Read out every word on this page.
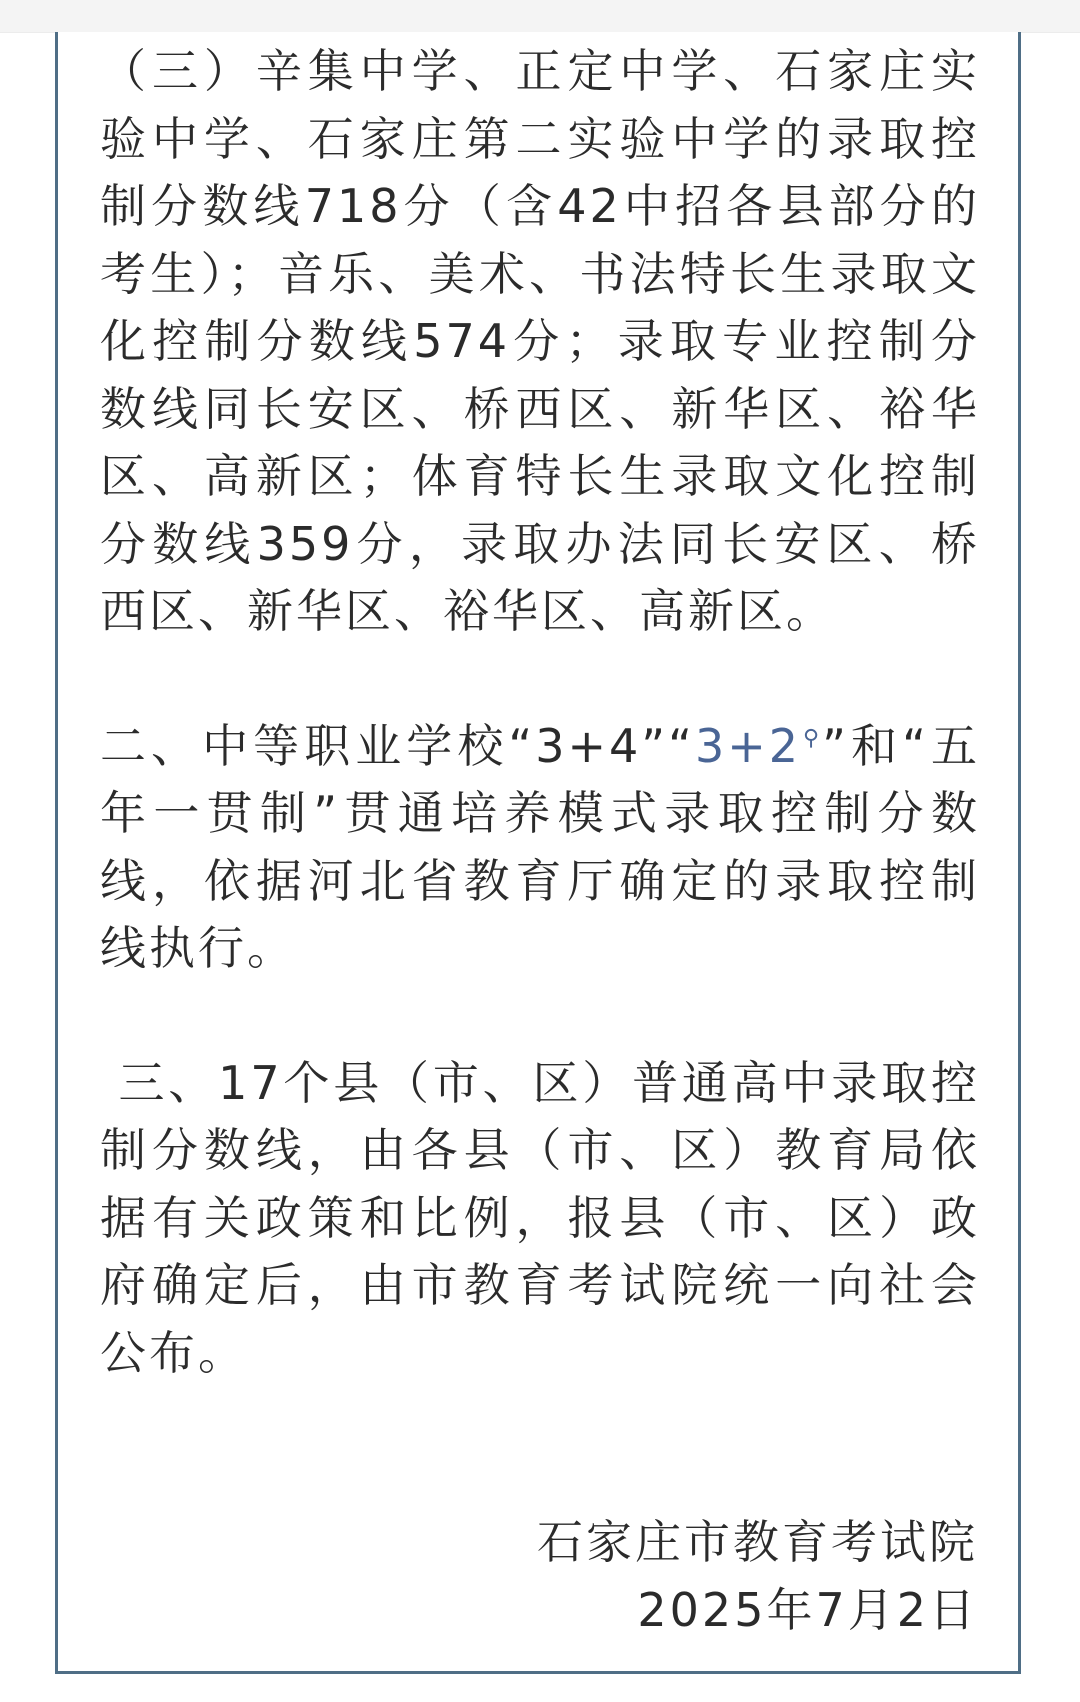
（三）辛集中学、正定中学、石家庄实验中学、石家庄第二实验中学的录取控制分数线718分（含42中招各县部分的考生）；音乐、美术、书法特长生录取文化控制分数线574分；录取专业控制分数线同长安区、桥西区、新华区、裕华区、高新区；体育特长生录取文化控制分数线359分，录取办法同长安区、桥西区、新华区、裕华区、高新区。

二、中等职业学校“3+4”“3+2⚲”和“五年一贯制”贯通培养模式录取控制分数线，依据河北省教育厅确定的录取控制线执行。

三、17个县（市、区）普通高中录取控制分数线，由各县（市、区）教育局依据有关政策和比例，报县（市、区）政府确定后，由市教育考试院统一向社会公布。

石家庄市教育考试院
2025年7月2日
